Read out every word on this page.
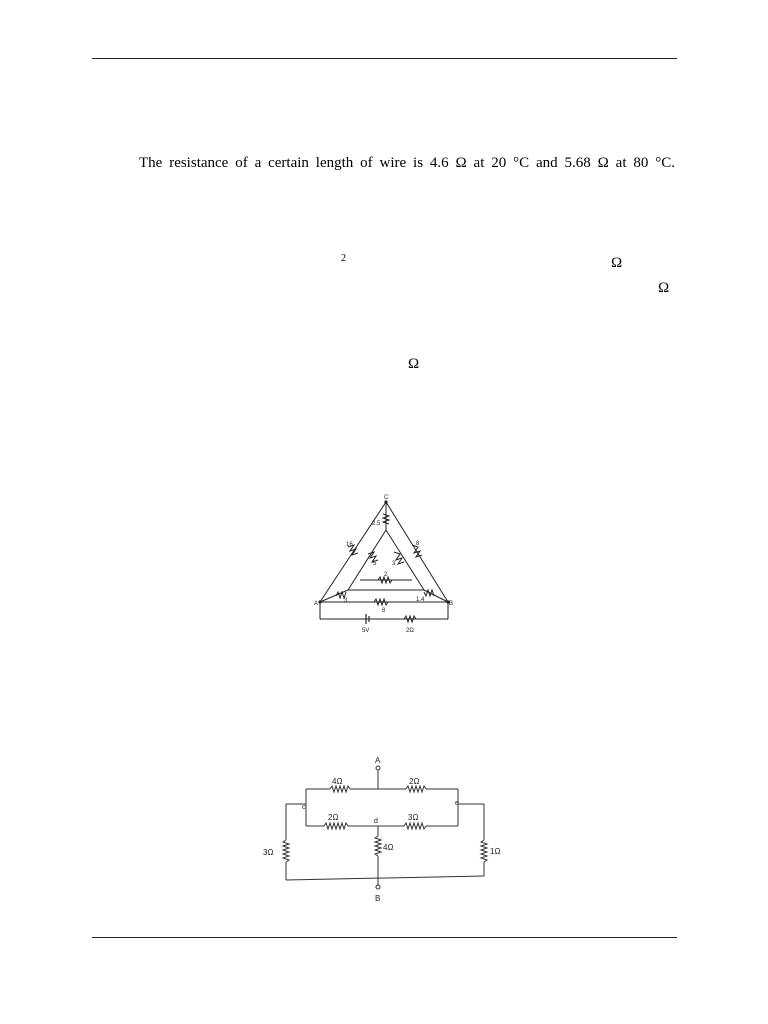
The resistance of a certain length of wire is 4.6 Ω at 20 °C and 5.68 Ω at 80 °C.
2	Ω
Ω
Ω
C
A	B
2.5
16	8
5	3
2
3	1.4
8
5V	2Ω
A
B
c
d
e
4Ω	2Ω
2Ω	3Ω
3Ω
4Ω	1Ω
